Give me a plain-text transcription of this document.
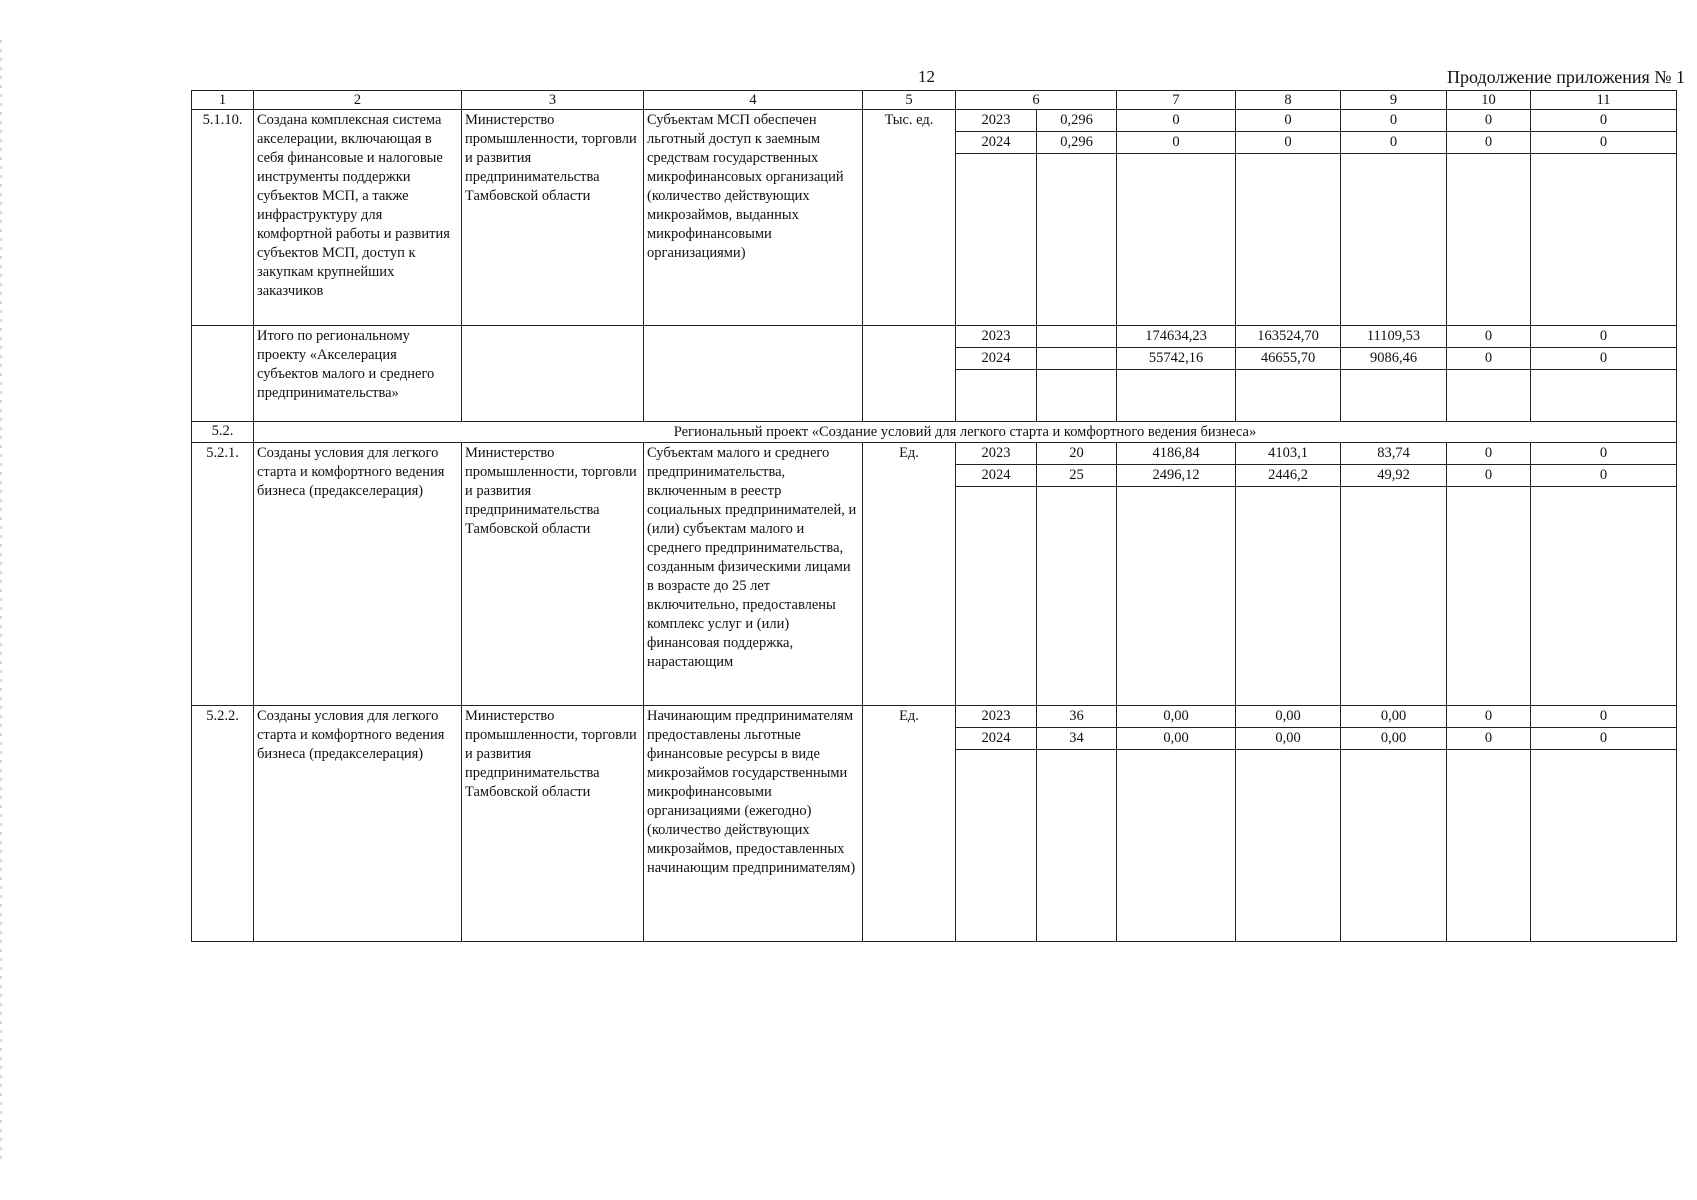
12	Продолжение приложения № 1
1	2	3	4	5	6		7	8	9	10	11
5.1.10.	Создана комплексная система акселерации, включающая в себя финансовые и налоговые инструменты поддержки субъектов МСП, а также инфраструктуру для комфортной работы и развития субъектов МСП, доступ к закупкам крупнейших заказчиков	Министерство промышленности, торговли и развития предпринимательства Тамбовской области	Субъектам МСП обеспечен льготный доступ к заемным средствам государственных микрофинансовых организаций (количество действующих микрозаймов, выданных микрофинансовыми организациями)	Тыс. ед.	2023	0,296	0	0	0	0	0
					2024	0,296	0	0	0	0	0

	Итого по региональному проекту «Акселерация субъектов малого и среднего предпринимательства»				2023		174634,23	163524,70	11109,53	0	0
					2024		55742,16	46655,70	9086,46	0	0

5.2.	Региональный проект «Создание условий для легкого старта и комфортного ведения бизнеса»										
5.2.1.	Созданы условия для легкого старта и комфортного ведения бизнеса (предакселерация)	Министерство промышленности, торговли и развития предпринимательства Тамбовской области	Субъектам малого и среднего предпринимательства, включенным в реестр социальных предпринимателей, и (или) субъектам малого и среднего предпринимательства, созданным физическими лицами в возрасте до 25 лет включительно, предоставлены комплекс услуг и (или) финансовая поддержка, нарастающим	Ед.	2023	20	4186,84	4103,1	83,74	0	0
					2024	25	2496,12	2446,2	49,92	0	0

5.2.2.	Созданы условия для легкого старта и комфортного ведения бизнеса (предакселерация)	Министерство промышленности, торговли и развития предпринимательства Тамбовской области	Начинающим предпринимателям предоставлены льготные финансовые ресурсы в виде микрозаймов государственными микрофинансовыми организациями (ежегодно) (количество действующих микрозаймов, предоставленных начинающим предпринимателям)	Ед.	2023	36	0,00	0,00	0,00	0	0
					2024	34	0,00	0,00	0,00	0	0
